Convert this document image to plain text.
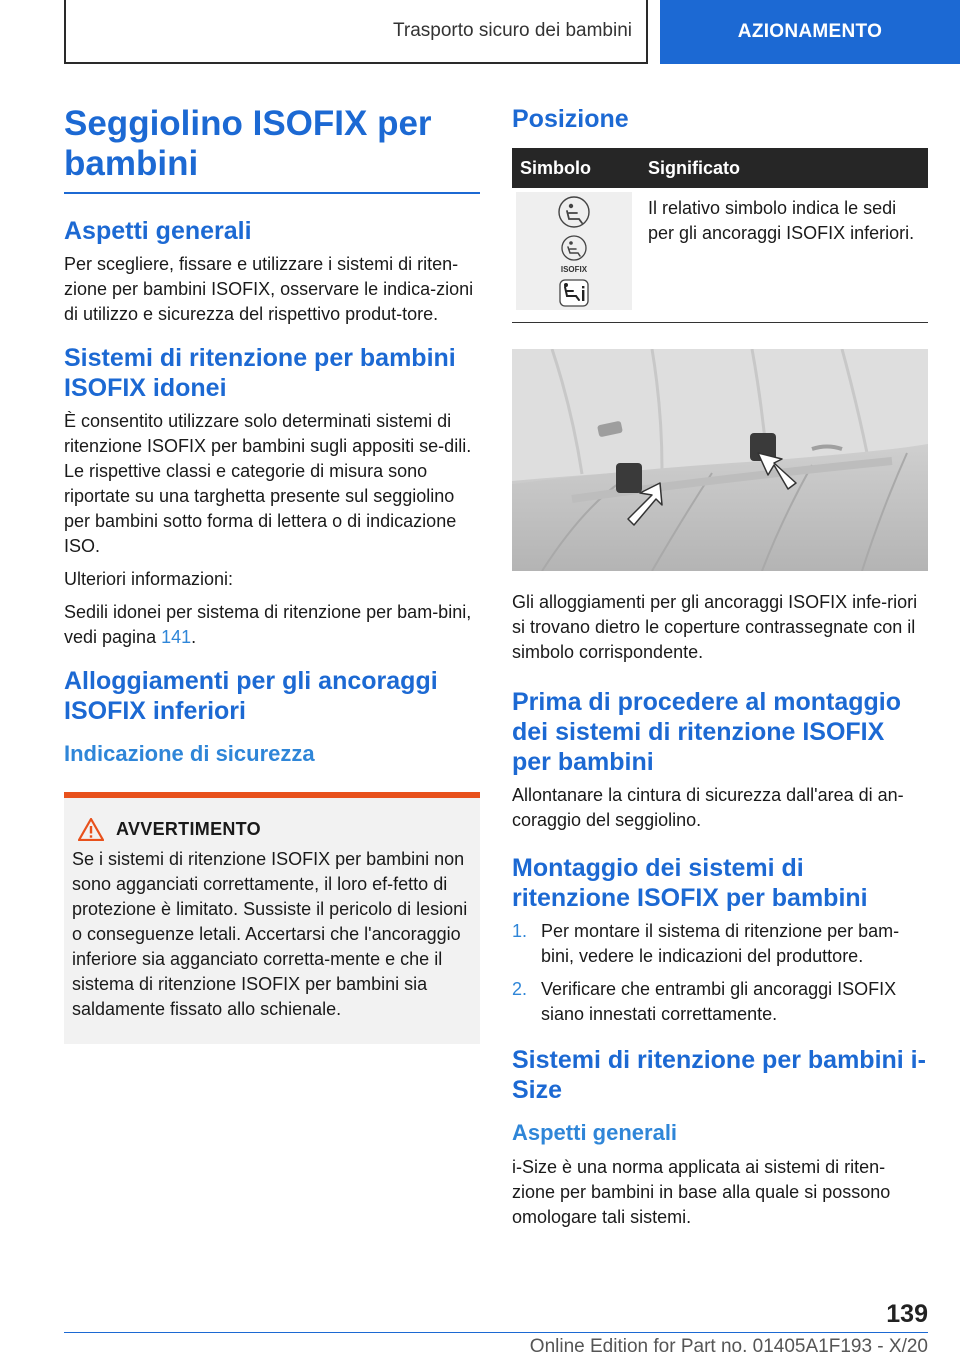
Trasporto sicuro dei bambini	AZIONAMENTO
Seggiolino ISOFIX per bambini
Aspetti generali

Per scegliere, fissare e utilizzare i sistemi di riten-zione per bambini ISOFIX, osservare le indica-zioni di utilizzo e sicurezza del rispettivo produt-tore.

Sistemi di ritenzione per bambini ISOFIX idonei

È consentito utilizzare solo determinati sistemi di ritenzione ISOFIX per bambini sugli appositi se-dili. Le rispettive classi e categorie di misura sono riportate su una targhetta presente sul seggiolino per bambini sotto forma di lettera o di indicazione ISO.

Ulteriori informazioni:

Sedili idonei per sistema di ritenzione per bam-bini, vedi pagina 141.

Alloggiamenti per gli ancoraggi ISOFIX inferiori
Indicazione di sicurezza
AVVERTIMENTO

Se i sistemi di ritenzione ISOFIX per bambini non sono agganciati correttamente, il loro ef-fetto di protezione è limitato. Sussiste il pericolo di lesioni o conseguenze letali. Accertarsi che l'ancoraggio inferiore sia agganciato corretta-mente e che il sistema di ritenzione ISOFIX per bambini sia saldamente fissato allo schienale.

Posizione
Simbolo	Significato

ISOFIX	Il relativo simbolo indica le sedi per gli ancoraggi ISOFIX inferiori.

Gli alloggiamenti per gli ancoraggi ISOFIX infe-riori si trovano dietro le coperture contrassegnate con il simbolo corrispondente.

Prima di procedere al montaggio dei sistemi di ritenzione ISOFIX per bambini

Allontanare la cintura di sicurezza dall'area di an-coraggio del seggiolino.

Montaggio dei sistemi di ritenzione ISOFIX per bambini
1. Per montare il sistema di ritenzione per bam-bini, vedere le indicazioni del produttore.
2. Verificare che entrambi gli ancoraggi ISOFIX siano innestati correttamente.
Sistemi di ritenzione per bambini i-Size
Aspetti generali

i-Size è una norma applicata ai sistemi di riten-zione per bambini in base alla quale si possono omologare tali sistemi.

139
Online Edition for Part no. 01405A1F193 - X/20
